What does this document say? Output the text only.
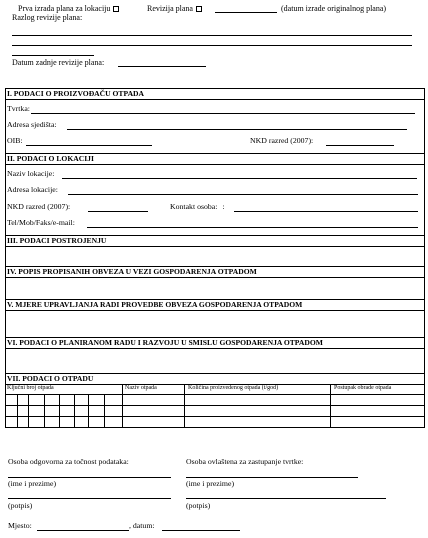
Prva izrada plana za lokaciju	Revizija plana	(datum izrade originalnog plana)
Razlog revizije plana:
Datum zadnje revizije plana:
I. PODACI O PROIZVOĐAČU OTPADA
Tvrtka:
Adresa sjedišta:
OIB:	NKD razred (2007):
II. PODACI O LOKACIJI
Naziv lokacije:
Adresa lokacije:
NKD razred (2007):	Kontakt osoba: :
Tel/Mob/Faks/e-mail:
III. PODACI POSTROJENJU
IV. POPIS PROPISANIH OBVEZA U VEZI GOSPODARENJA OTPADOM
V. MJERE UPRAVLJANJA RADI PROVEDBE OBVEZA GOSPODARENJA OTPADOM
VI. PODACI O PLANIRANOM RADU I RAZVOJU U SMISLU GOSPODARENJA OTPADOM
VII. PODACI O OTPADU
Ključni broj otpada	Naziv otpada	Količina proizvedenog otpada (t/god)	Postupak obrade otpada
Osoba odgovorna za točnost podataka:	Osoba ovlaštena za zastupanje tvrtke:
(ime i prezime)	(ime i prezime)
(potpis)	(potpis)
Mjesto:	, datum:
